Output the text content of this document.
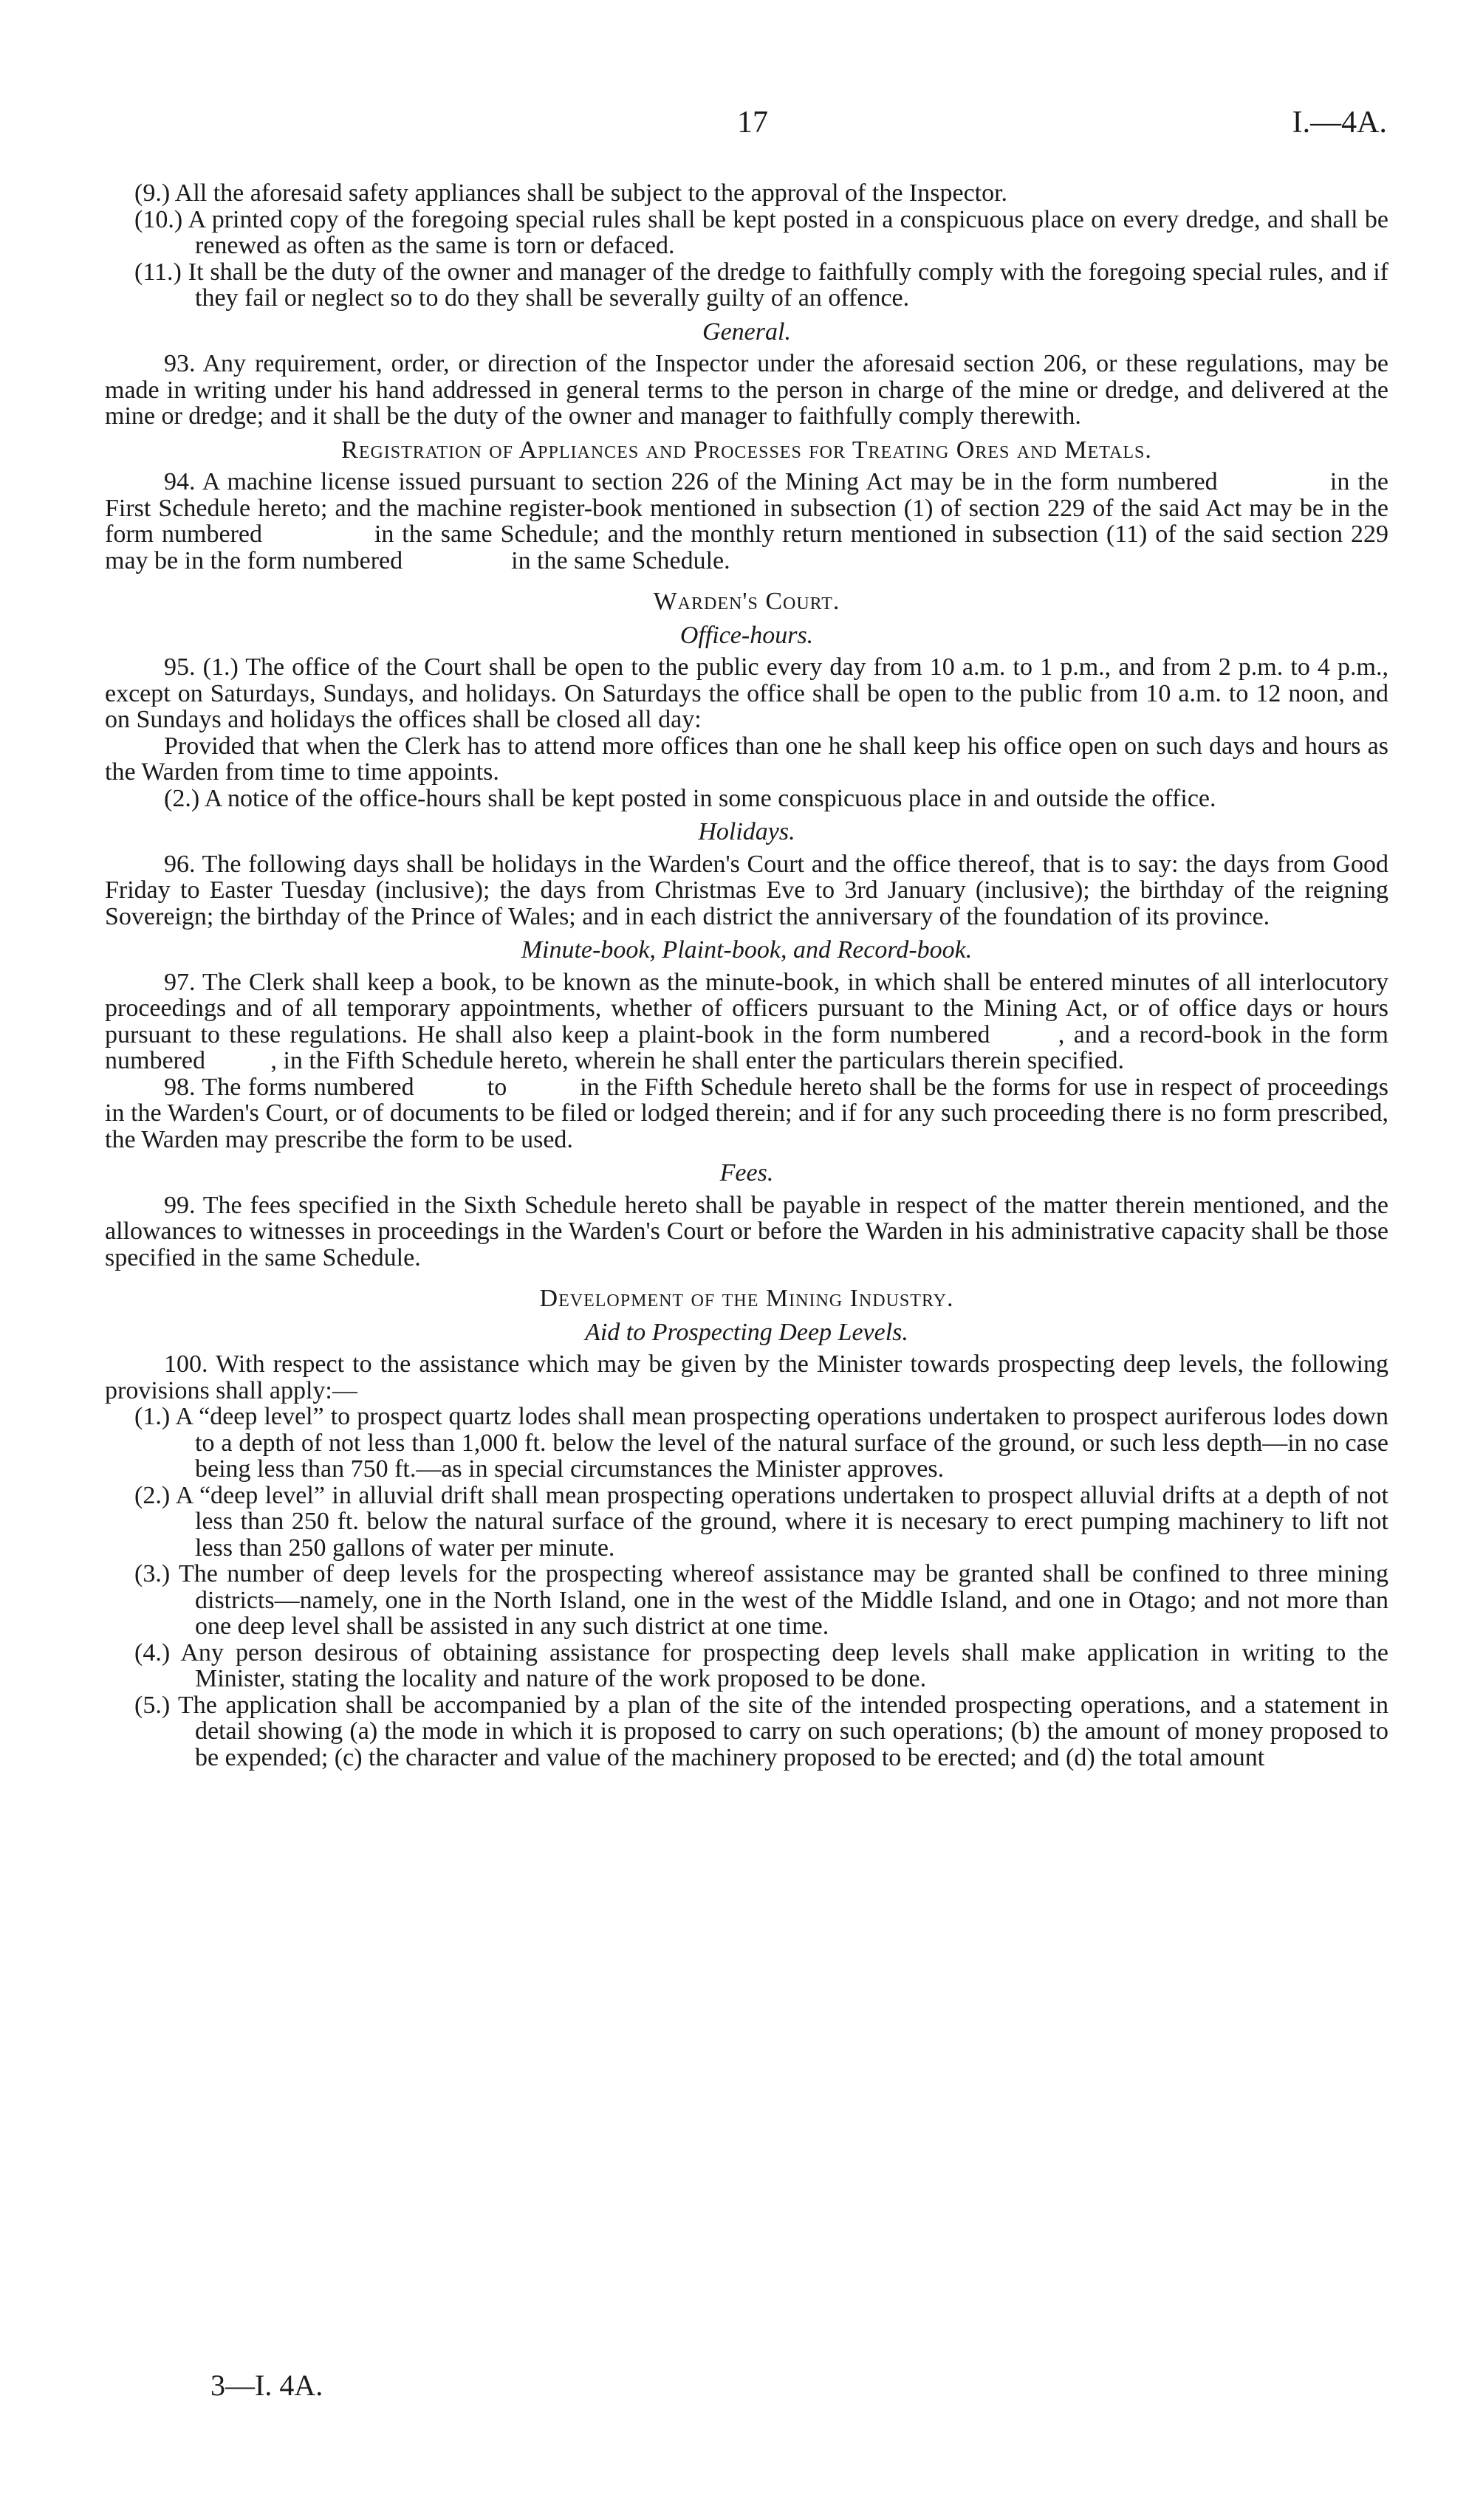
17	I.—4A.

(9.) All the aforesaid safety appliances shall be subject to the approval of the Inspector.

(10.) A printed copy of the foregoing special rules shall be kept posted in a conspicuous place on every dredge, and shall be renewed as often as the same is torn or defaced.

(11.) It shall be the duty of the owner and manager of the dredge to faithfully comply with the foregoing special rules, and if they fail or neglect so to do they shall be severally guilty of an offence.

General.

93. Any requirement, order, or direction of the Inspector under the aforesaid section 206, or these regulations, may be made in writing under his hand addressed in general terms to the person in charge of the mine or dredge, and delivered at the mine or dredge; and it shall be the duty of the owner and manager to faithfully comply therewith.

Registration of Appliances and Processes for Treating Ores and Metals.

94. A machine license issued pursuant to section 226 of the Mining Act may be in the form numbered	in the First Schedule hereto; and the machine register-book mentioned in subsection (1) of section 229 of the said Act may be in the form numbered	in the same Schedule; and the monthly return mentioned in subsection (11) of the said section 229 may be in the form numbered	in the same Schedule.

Warden's Court.

Office-hours.

95. (1.) The office of the Court shall be open to the public every day from 10 a.m. to 1 p.m., and from 2 p.m. to 4 p.m., except on Saturdays, Sundays, and holidays. On Saturdays the office shall be open to the public from 10 a.m. to 12 noon, and on Sundays and holidays the offices shall be closed all day:

Provided that when the Clerk has to attend more offices than one he shall keep his office open on such days and hours as the Warden from time to time appoints.

(2.) A notice of the office-hours shall be kept posted in some conspicuous place in and outside the office.

Holidays.

96. The following days shall be holidays in the Warden's Court and the office thereof, that is to say: the days from Good Friday to Easter Tuesday (inclusive); the days from Christmas Eve to 3rd January (inclusive); the birthday of the reigning Sovereign; the birthday of the Prince of Wales; and in each district the anniversary of the foundation of its province.

Minute-book, Plaint-book, and Record-book.

97. The Clerk shall keep a book, to be known as the minute-book, in which shall be entered minutes of all interlocutory proceedings and of all temporary appointments, whether of officers pursuant to the Mining Act, or of office days or hours pursuant to these regulations. He shall also keep a plaint-book in the form numbered	, and a record-book in the form numbered	, in the Fifth Schedule hereto, wherein he shall enter the particulars therein specified.

98. The forms numbered	to	in the Fifth Schedule hereto shall be the forms for use in respect of proceedings in the Warden's Court, or of documents to be filed or lodged therein; and if for any such proceeding there is no form prescribed, the Warden may prescribe the form to be used.

Fees.

99. The fees specified in the Sixth Schedule hereto shall be payable in respect of the matter therein mentioned, and the allowances to witnesses in proceedings in the Warden's Court or before the Warden in his administrative capacity shall be those specified in the same Schedule.

Development of the Mining Industry.

Aid to Prospecting Deep Levels.

100. With respect to the assistance which may be given by the Minister towards prospecting deep levels, the following provisions shall apply:—

(1.) A “deep level” to prospect quartz lodes shall mean prospecting operations undertaken to prospect auriferous lodes down to a depth of not less than 1,000 ft. below the level of the natural surface of the ground, or such less depth—in no case being less than 750 ft.—as in special circumstances the Minister approves.

(2.) A “deep level” in alluvial drift shall mean prospecting operations undertaken to prospect alluvial drifts at a depth of not less than 250 ft. below the natural surface of the ground, where it is necesary to erect pumping machinery to lift not less than 250 gallons of water per minute.

(3.) The number of deep levels for the prospecting whereof assistance may be granted shall be confined to three mining districts—namely, one in the North Island, one in the west of the Middle Island, and one in Otago; and not more than one deep level shall be assisted in any such district at one time.

(4.) Any person desirous of obtaining assistance for prospecting deep levels shall make application in writing to the Minister, stating the locality and nature of the work proposed to be done.

(5.) The application shall be accompanied by a plan of the site of the intended prospecting operations, and a statement in detail showing (a) the mode in which it is proposed to carry on such operations; (b) the amount of money proposed to be expended; (c) the character and value of the machinery proposed to be erected; and (d) the total amount

3—I. 4A.
